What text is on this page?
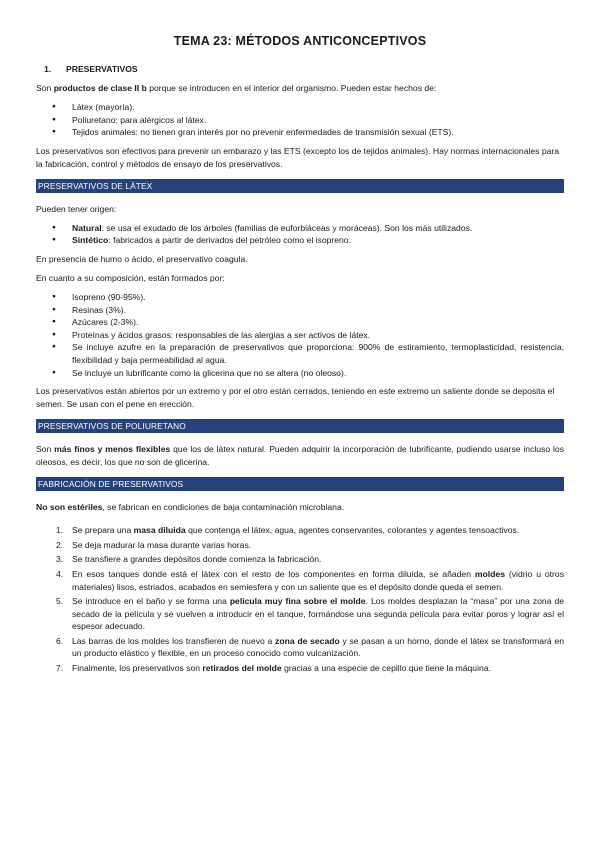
TEMA 23: MÉTODOS ANTICONCEPTIVOS
1.	PRESERVATIVOS

Son productos de clase II b porque se introducen en el interior del organismo. Pueden estar hechos de:

● Látex (mayoría).
● Poliuretano: para alérgicos al látex.
● Tejidos animales: no tienen gran interés por no prevenir enfermedades de transmisión sexual (ETS).

Los preservativos son efectivos para prevenir un embarazo y las ETS (excepto los de tejidos animales). Hay normas internacionales para la fabricación, control y métodos de ensayo de los preservativos.

PRESERVATIVOS DE LÁTEX

Pueden tener origen:

● Natural: se usa el exudado de los árboles (familias de euforbiáceas y moráceas). Son los más utilizados.
● Sintético: fabricados a partir de derivados del petróleo como el isopreno.

En presencia de humo o ácido, el preservativo coagula.

En cuanto a su composición, están formados por:

● Isopreno (90-95%).
● Resinas (3%).
● Azúcares (2-3%).
● Proteínas y ácidos grasos: responsables de las alergias a ser activos de látex.
● Se incluye azufre en la preparación de preservativos que proporciona: 900% de estiramiento, termoplasticidad, resistencia, flexibilidad y baja permeabilidad al agua.
● Se incluye un lubrificante como la glicerina que no se altera (no oleoso).

Los preservativos están abiertos por un extremo y por el otro están cerrados, teniendo en este extremo un saliente donde se deposita el semen. Se usan con el pene en erección.

PRESERVATIVOS DE POLIURETANO

Son más finos y menos flexibles que los de látex natural. Pueden adquirir la incorporación de lubrificante, pudiendo usarse incluso los oleosos, es decir, los que no son de glicerina.

FABRICACIÓN DE PRESERVATIVOS

No son estériles, se fabrican en condiciones de baja contaminación microbiana.

1. Se prepara una masa diluida que contenga el látex, agua, agentes conservantes, colorantes y agentes tensoactivos.
2. Se deja madurar la masa durante varias horas.
3. Se transfiere a grandes depósitos donde comienza la fabricación.
4. En esos tanques donde está el látex con el resto de los componentes en forma diluida, se añaden moldes (vidrio u otros materiales) lisos, estriados, acabados en semiesfera y con un saliente que es el depósito donde queda el semen.
5. Se introduce en el baño y se forma una película muy fina sobre el molde. Los moldes desplazan la “masa” por una zona de secado de la película y se vuelven a introducir en el tanque, formándose una segunda película para evitar poros y lograr así el espesor adecuado.
6. Las barras de los moldes los transfieren de nuevo a zona de secado y se pasan a un horno, donde el látex se transformará en un producto elástico y flexible, en un proceso conocido como vulcanización.
7. Finalmente, los preservativos son retirados del molde gracias a una especie de cepillo que tiene la máquina.
